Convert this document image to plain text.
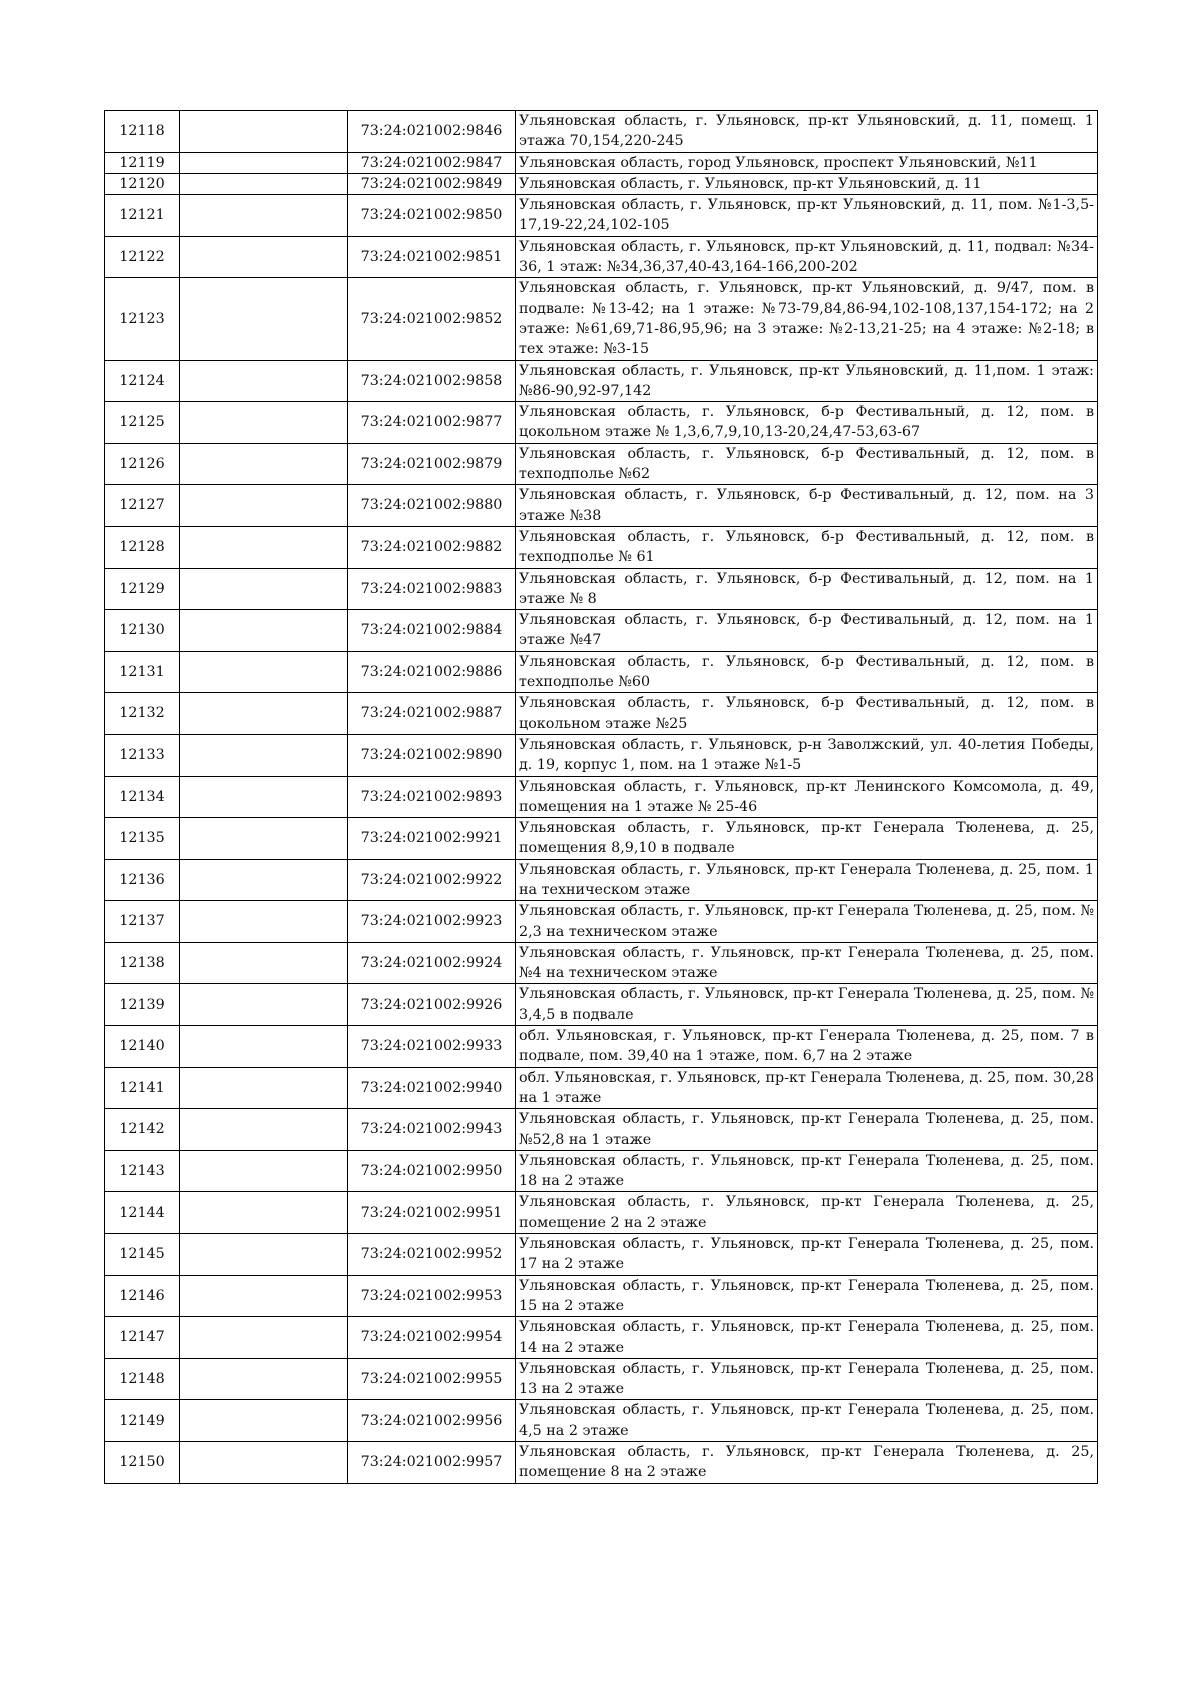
12118		73:24:021002:9846	Ульяновская область, г. Ульяновск, пр-кт Ульяновский, д. 11, помещ. 1 этажа 70,154,220-245
12119		73:24:021002:9847	Ульяновская область, город Ульяновск, проспект Ульяновский, №11
12120		73:24:021002:9849	Ульяновская область, г. Ульяновск, пр-кт Ульяновский, д. 11
12121		73:24:021002:9850	Ульяновская область, г. Ульяновск, пр-кт Ульяновский, д. 11, пом. №1-3,5-17,19-22,24,102-105
12122		73:24:021002:9851	Ульяновская область, г. Ульяновск, пр-кт Ульяновский, д. 11, подвал: №34-36, 1 этаж: №34,36,37,40-43,164-166,200-202
12123		73:24:021002:9852	Ульяновская область, г. Ульяновск, пр-кт Ульяновский, д. 9/47, пом. в подвале: №13-42; на 1 этаже: №73-79,84,86-94,102-108,137,154-172; на 2 этаже: №61,69,71-86,95,96; на 3 этаже: №2-13,21-25; на 4 этаже: №2-18; в тех этаже: №3-15
12124		73:24:021002:9858	Ульяновская область, г. Ульяновск, пр-кт Ульяновский, д. 11,пом. 1 этаж: №86-90,92-97,142
12125		73:24:021002:9877	Ульяновская область, г. Ульяновск, б-р Фестивальный, д. 12, пом. в цокольном этаже № 1,3,6,7,9,10,13-20,24,47-53,63-67
12126		73:24:021002:9879	Ульяновская область, г. Ульяновск, б-р Фестивальный, д. 12, пом. в техподполье №62
12127		73:24:021002:9880	Ульяновская область, г. Ульяновск, б-р Фестивальный, д. 12, пом. на 3 этаже №38
12128		73:24:021002:9882	Ульяновская область, г. Ульяновск, б-р Фестивальный, д. 12, пом. в техподполье № 61
12129		73:24:021002:9883	Ульяновская область, г. Ульяновск, б-р Фестивальный, д. 12, пом. на 1 этаже № 8
12130		73:24:021002:9884	Ульяновская область, г. Ульяновск, б-р Фестивальный, д. 12, пом. на 1 этаже №47
12131		73:24:021002:9886	Ульяновская область, г. Ульяновск, б-р Фестивальный, д. 12, пом. в техподполье №60
12132		73:24:021002:9887	Ульяновская область, г. Ульяновск, б-р Фестивальный, д. 12, пом. в цокольном этаже №25
12133		73:24:021002:9890	Ульяновская область, г. Ульяновск, р-н Заволжский, ул. 40-летия Победы, д. 19, корпус 1, пом. на 1 этаже №1-5
12134		73:24:021002:9893	Ульяновская область, г. Ульяновск, пр-кт Ленинского Комсомола, д. 49, помещения на 1 этаже № 25-46
12135		73:24:021002:9921	Ульяновская область, г. Ульяновск, пр-кт Генерала Тюленева, д. 25, помещения 8,9,10 в подвале
12136		73:24:021002:9922	Ульяновская область, г. Ульяновск, пр-кт Генерала Тюленева, д. 25, пом. 1 на техническом этаже
12137		73:24:021002:9923	Ульяновская область, г. Ульяновск, пр-кт Генерала Тюленева, д. 25, пом. № 2,3 на техническом этаже
12138		73:24:021002:9924	Ульяновская область, г. Ульяновск, пр-кт Генерала Тюленева, д. 25, пом. №4 на техническом этаже
12139		73:24:021002:9926	Ульяновская область, г. Ульяновск, пр-кт Генерала Тюленева, д. 25, пом. № 3,4,5 в подвале
12140		73:24:021002:9933	обл. Ульяновская, г. Ульяновск, пр-кт Генерала Тюленева, д. 25, пом. 7 в подвале, пом. 39,40 на 1 этаже, пом. 6,7 на 2 этаже
12141		73:24:021002:9940	обл. Ульяновская, г. Ульяновск, пр-кт Генерала Тюленева, д. 25, пом. 30,28 на 1 этаже
12142		73:24:021002:9943	Ульяновская область, г. Ульяновск, пр-кт Генерала Тюленева, д. 25, пом. №52,8 на 1 этаже
12143		73:24:021002:9950	Ульяновская область, г. Ульяновск, пр-кт Генерала Тюленева, д. 25, пом. 18 на 2 этаже
12144		73:24:021002:9951	Ульяновская область, г. Ульяновск, пр-кт Генерала Тюленева, д. 25, помещение 2 на 2 этаже
12145		73:24:021002:9952	Ульяновская область, г. Ульяновск, пр-кт Генерала Тюленева, д. 25, пом. 17 на 2 этаже
12146		73:24:021002:9953	Ульяновская область, г. Ульяновск, пр-кт Генерала Тюленева, д. 25, пом. 15 на 2 этаже
12147		73:24:021002:9954	Ульяновская область, г. Ульяновск, пр-кт Генерала Тюленева, д. 25, пом. 14 на 2 этаже
12148		73:24:021002:9955	Ульяновская область, г. Ульяновск, пр-кт Генерала Тюленева, д. 25, пом. 13 на 2 этаже
12149		73:24:021002:9956	Ульяновская область, г. Ульяновск, пр-кт Генерала Тюленева, д. 25, пом. 4,5 на 2 этаже
12150		73:24:021002:9957	Ульяновская область, г. Ульяновск, пр-кт Генерала Тюленева, д. 25, помещение 8 на 2 этаже
